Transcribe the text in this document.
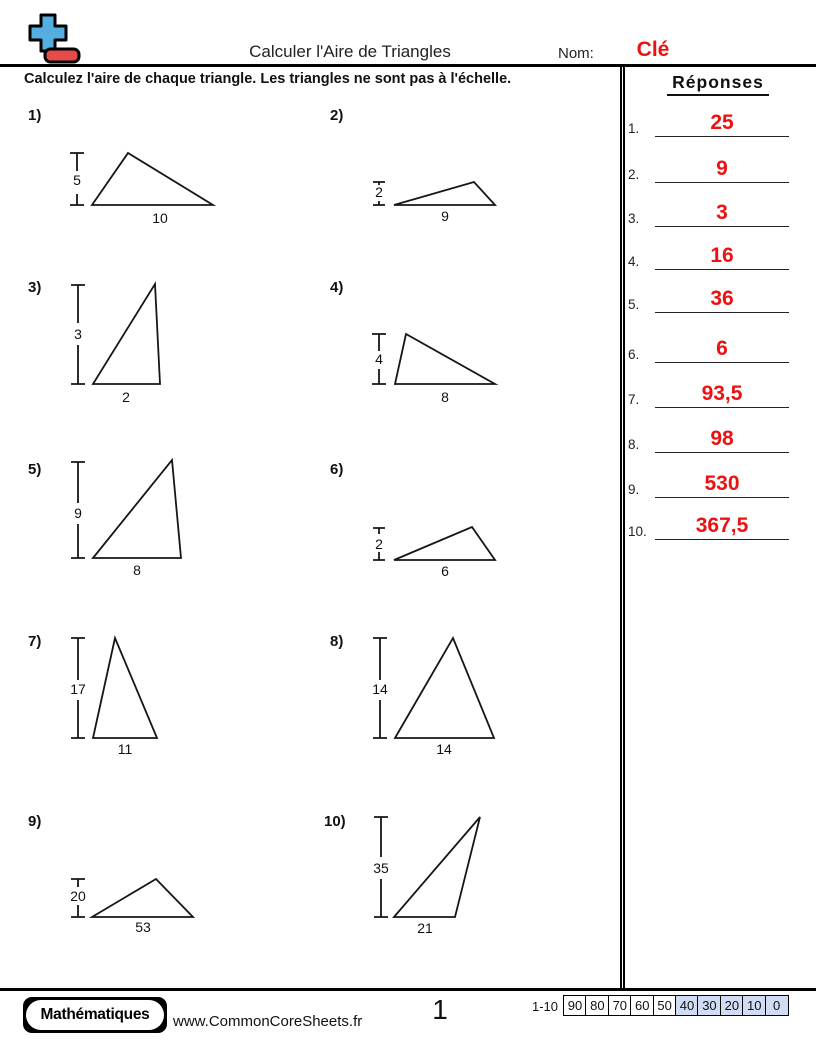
Calculer l'Aire de Triangles	Nom:	Clé
Calculez l'aire de chaque triangle. Les triangles ne sont pas à l'échelle.	Réponses
1.	25
2.	9
3.	3
4.	16
5.	36
6.	6
7.	93,5
8.	98
9.	530
10.	367,5
1)
5
10
2)
2
9
3)
3
2
4)
4
8
5)
9
8
6)
2
6
7)
17
11
8)
14
14
9)
20
53
10)
35
21
Mathématiques	www.CommonCoreSheets.fr	1	1-10 90 80 70 60 50 40 30 20 10 0
